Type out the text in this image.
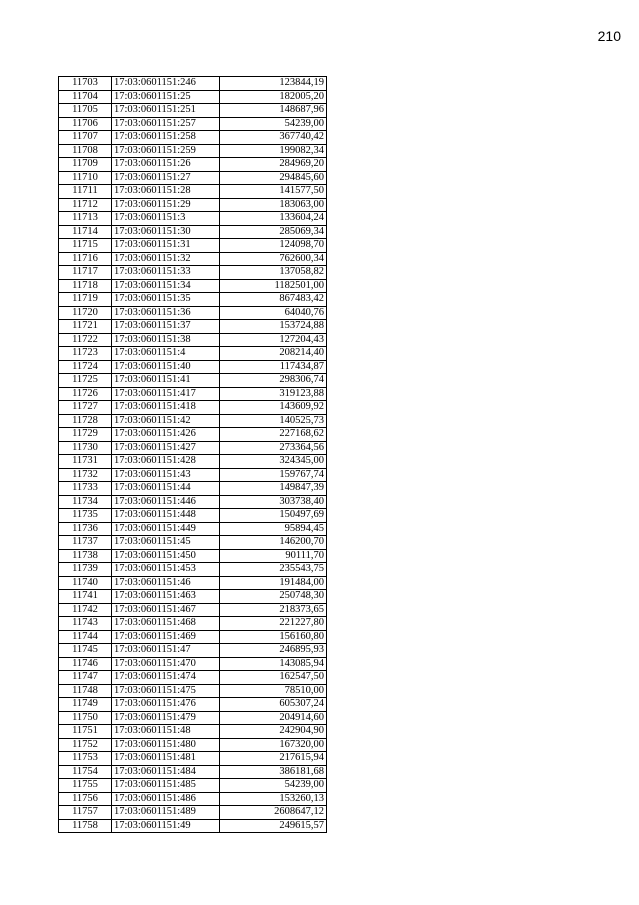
210
11703	17:03:0601151:246	123844,19
11704	17:03:0601151:25	182005,20
11705	17:03:0601151:251	148687,96
11706	17:03:0601151:257	54239,00
11707	17:03:0601151:258	367740,42
11708	17:03:0601151:259	199082,34
11709	17:03:0601151:26	284969,20
11710	17:03:0601151:27	294845,60
11711	17:03:0601151:28	141577,50
11712	17:03:0601151:29	183063,00
11713	17:03:0601151:3	133604,24
11714	17:03:0601151:30	285069,34
11715	17:03:0601151:31	124098,70
11716	17:03:0601151:32	762600,34
11717	17:03:0601151:33	137058,82
11718	17:03:0601151:34	1182501,00
11719	17:03:0601151:35	867483,42
11720	17:03:0601151:36	64040,76
11721	17:03:0601151:37	153724,88
11722	17:03:0601151:38	127204,43
11723	17:03:0601151:4	208214,40
11724	17:03:0601151:40	117434,87
11725	17:03:0601151:41	298306,74
11726	17:03:0601151:417	319123,88
11727	17:03:0601151:418	143609,92
11728	17:03:0601151:42	140525,73
11729	17:03:0601151:426	227168,62
11730	17:03:0601151:427	273364,56
11731	17:03:0601151:428	324345,00
11732	17:03:0601151:43	159767,74
11733	17:03:0601151:44	149847,39
11734	17:03:0601151:446	303738,40
11735	17:03:0601151:448	150497,69
11736	17:03:0601151:449	95894,45
11737	17:03:0601151:45	146200,70
11738	17:03:0601151:450	90111,70
11739	17:03:0601151:453	235543,75
11740	17:03:0601151:46	191484,00
11741	17:03:0601151:463	250748,30
11742	17:03:0601151:467	218373,65
11743	17:03:0601151:468	221227,80
11744	17:03:0601151:469	156160,80
11745	17:03:0601151:47	246895,93
11746	17:03:0601151:470	143085,94
11747	17:03:0601151:474	162547,50
11748	17:03:0601151:475	78510,00
11749	17:03:0601151:476	605307,24
11750	17:03:0601151:479	204914,60
11751	17:03:0601151:48	242904,90
11752	17:03:0601151:480	167320,00
11753	17:03:0601151:481	217615,94
11754	17:03:0601151:484	386181,68
11755	17:03:0601151:485	54239,00
11756	17:03:0601151:486	153260,13
11757	17:03:0601151:489	2608647,12
11758	17:03:0601151:49	249615,57
